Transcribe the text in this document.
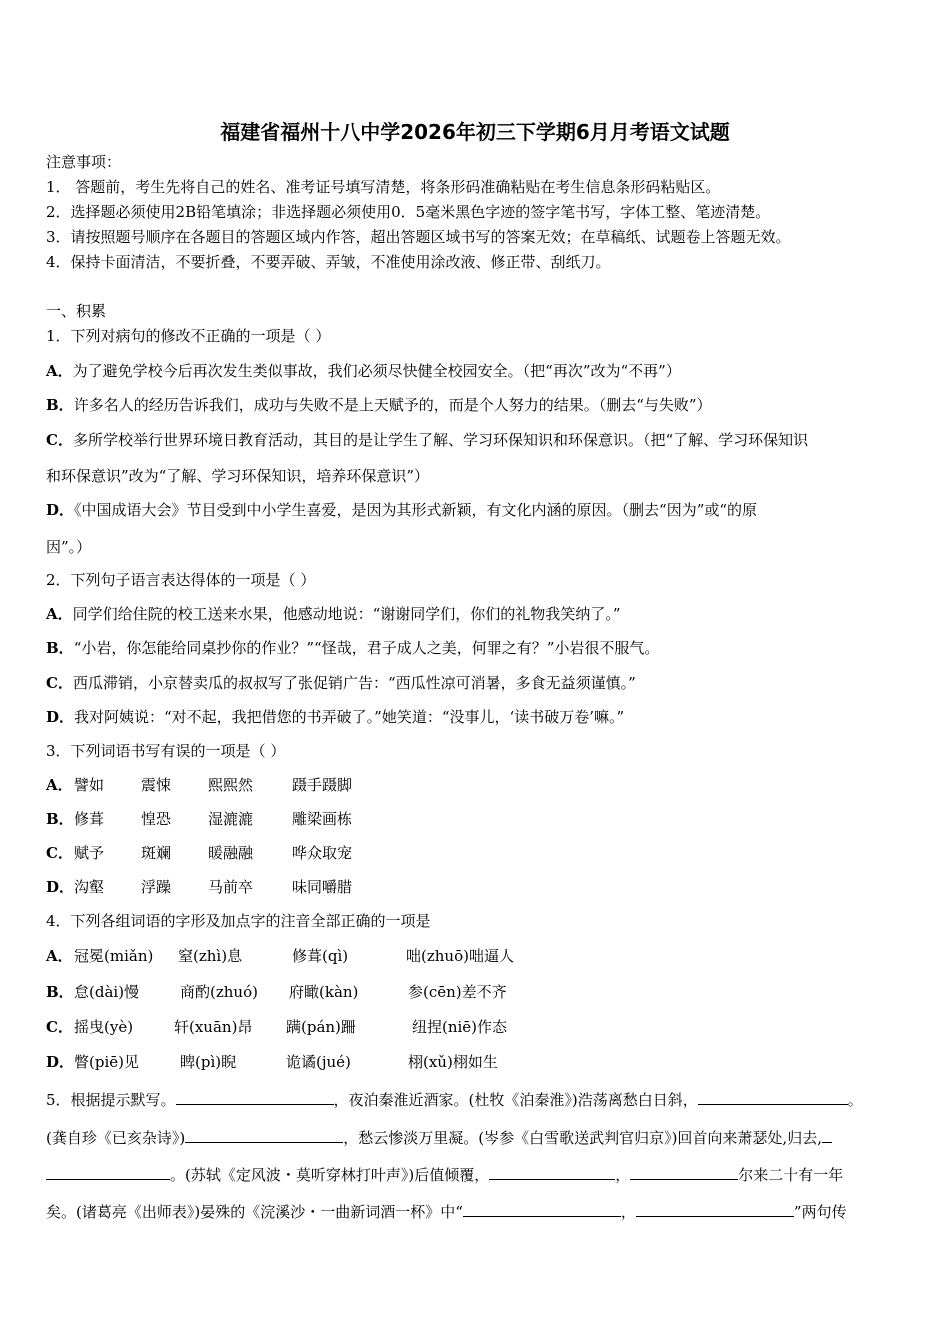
福建省福州十八中学2026年初三下学期6月月考语文试题
注意事项：
1． 答题前，考生先将自己的姓名、准考证号填写清楚，将条形码准确粘贴在考生信息条形码粘贴区。
2．选择题必须使用2B铅笔填涂；非选择题必须使用0．5毫米黑色字迹的签字笔书写，字体工整、笔迹清楚。
3．请按照题号顺序在各题目的答题区域内作答，超出答题区域书写的答案无效；在草稿纸、试题卷上答题无效。
4．保持卡面清洁，不要折叠，不要弄破、弄皱，不准使用涂改液、修正带、刮纸刀。
一、积累
1．下列对病句的修改不正确的一项是（ ）
A．为了避免学校今后再次发生类似事故，我们必须尽快健全校园安全。（把“再次”改为“不再”）
B．许多名人的经历告诉我们，成功与失败不是上天赋予的，而是个人努力的结果。（删去“与失败”）
C．多所学校举行世界环境日教育活动，其目的是让学生了解、学习环保知识和环保意识。（把“了解、学习环保知识
和环保意识”改为“了解、学习环保知识，培养环保意识”）
D．《中国成语大会》节目受到中小学生喜爱，是因为其形式新颖，有文化内涵的原因。（删去“因为”或“的原
因”。）
2．下列句子语言表达得体的一项是（ ）
A．同学们给住院的校工送来水果，他感动地说：“谢谢同学们，你们的礼物我笑纳了。”
B．“小岩，你怎能给同桌抄你的作业？”“怪哉，君子成人之美，何罪之有？”小岩很不服气。
C．西瓜滞销，小京替卖瓜的叔叔写了张促销广告：“西瓜性凉可消暑，多食无益须谨慎。”
D．我对阿姨说：“对不起，我把借您的书弄破了。”她笑道：“没事儿，‘读书破万卷’嘛。”
3．下列词语书写有误的一项是（ ）
A．譬如 震悚 熙熙然	蹑手蹑脚
B．修葺 惶恐 湿漉漉	雕梁画栋
C．赋予 斑斓 暖融融	哗众取宠
D．沟壑 浮躁 马前卒	味同嚼腊
4．下列各组词语的字形及加点字的注音全部正确的一项是
A．冠冕(miǎn) 窒(zhì)息	修葺(qì)	咄(zhuō)咄逼人
B．怠(dài)慢	商酌(zhuó) 府瞰(kàn)	参(cēn)差不齐
C．摇曳(yè)	轩(xuān)昂 蹒(pán)跚	纽捏(niē)作态
D．瞥(piē)见	睥(pì)睨	诡谲(jué)	栩(xǔ)栩如生
5．根据提示默写。	，夜泊秦淮近酒家。(杜牧《泊秦淮》)浩荡离愁白日斜，	。
(龚自珍《已亥杂诗》)	，愁云惨淡万里凝。(岑参《白雪歌送武判官归京》)回首向来萧瑟处,归去,
。(苏轼《定风波・莫听穿林打叶声》)后值倾覆，	，	尔来二十有一年
矣。(诸葛亮《出师表》)晏殊的《浣溪沙・一曲新词酒一杯》中“	，	”两句传
